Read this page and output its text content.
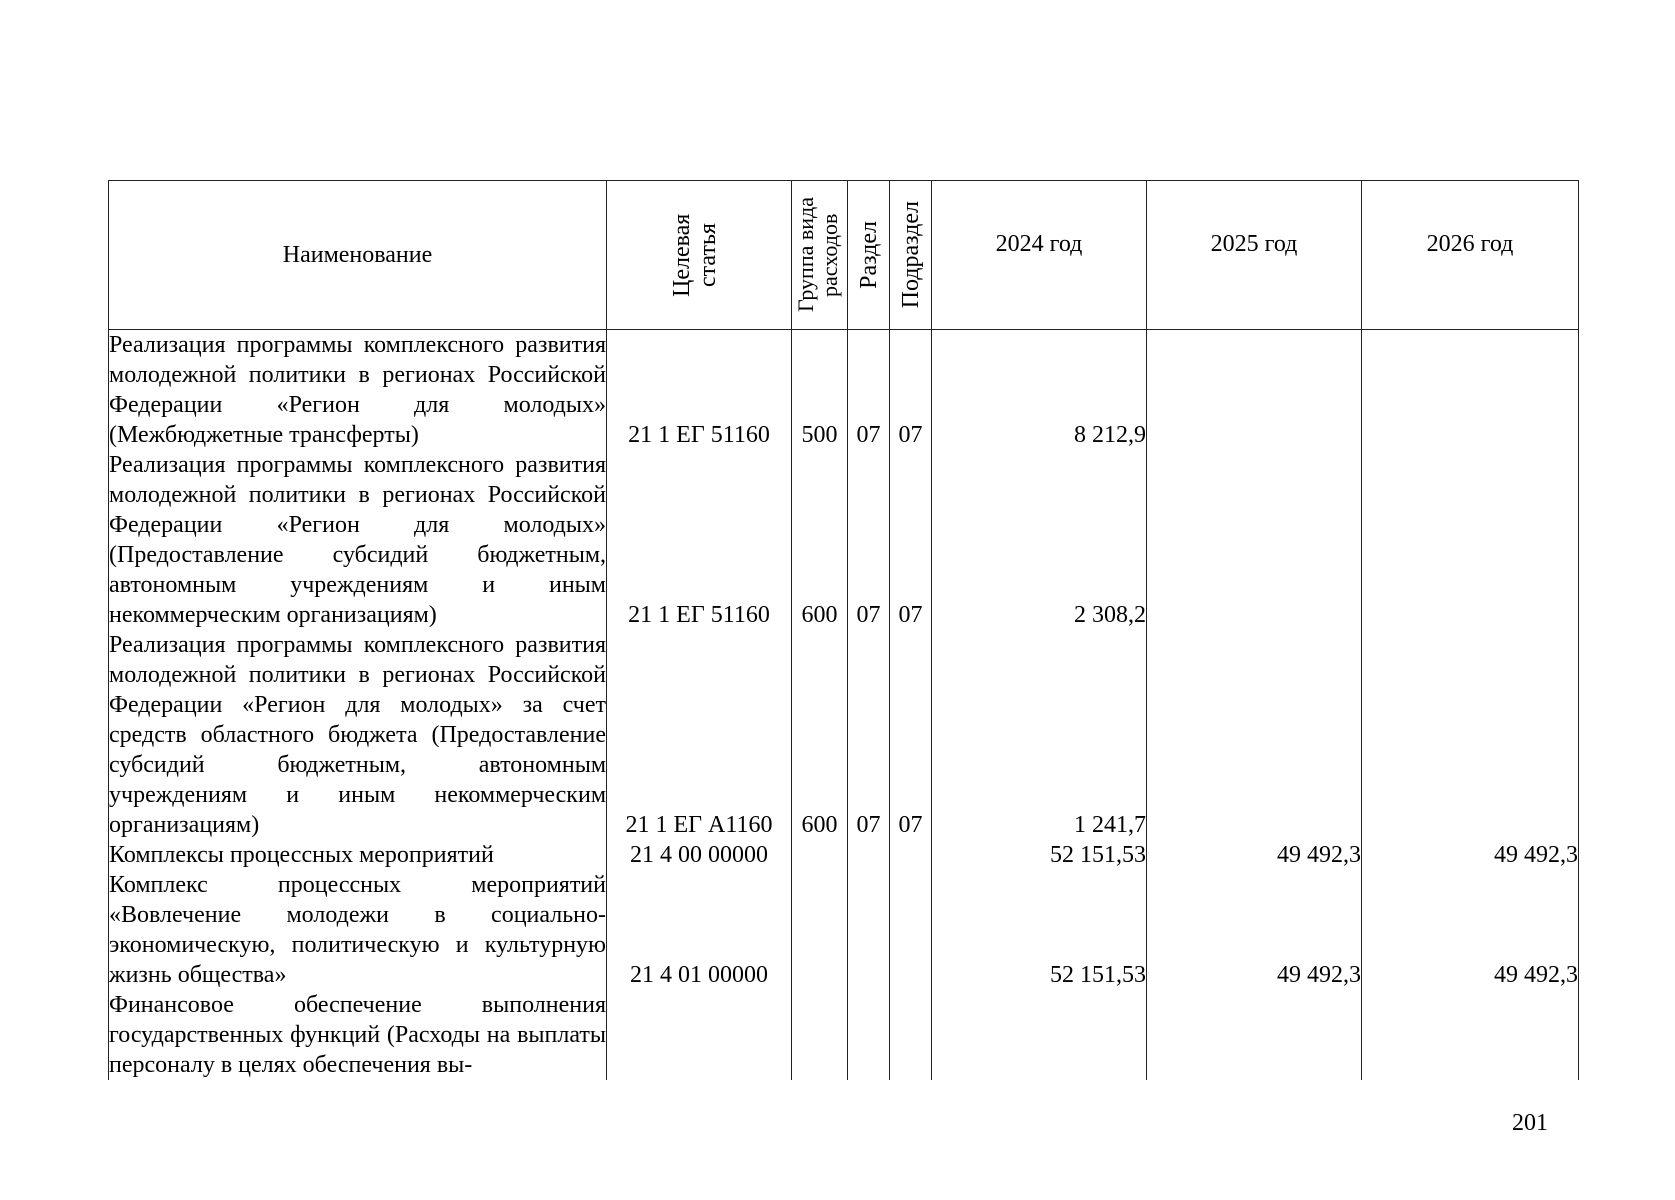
Наименование	Целевая статья	Группа вида расходов	Раздел	Подраздел	2024 год	2025 год	2026 год

Реализация программы комплексного развития молодежной политики в регионах Российской Федерации «Регион для молодых» (Межбюджетные трансферты)	21 1 ЕГ 51160	500	07	07	8 212,9		
Реализация программы комплексного развития молодежной политики в регионах Российской Федерации «Регион для молодых» (Предоставление субсидий бюджетным, автономным учреждениям и иным некоммерческим организациям)	21 1 ЕГ 51160	600	07	07	2 308,2		
Реализация программы комплексного развития молодежной политики в регионах Российской Федерации «Регион для молодых» за счет средств областного бюджета (Предоставление субсидий бюджетным, автономным учреждениям и иным некоммерческим организациям)	21 1 ЕГ А1160	600	07	07	1 241,7		
Комплексы процессных мероприятий	21 4 00 00000				52 151,53	49 492,3	49 492,3
Комплекс процессных мероприятий «Вовлечение молодежи в социально-экономическую, политическую и культурную жизнь общества»	21 4 01 00000				52 151,53	49 492,3	49 492,3
Финансовое обеспечение выполнения государственных функций (Расходы на выплаты персоналу в целях обеспечения вы-							
201
